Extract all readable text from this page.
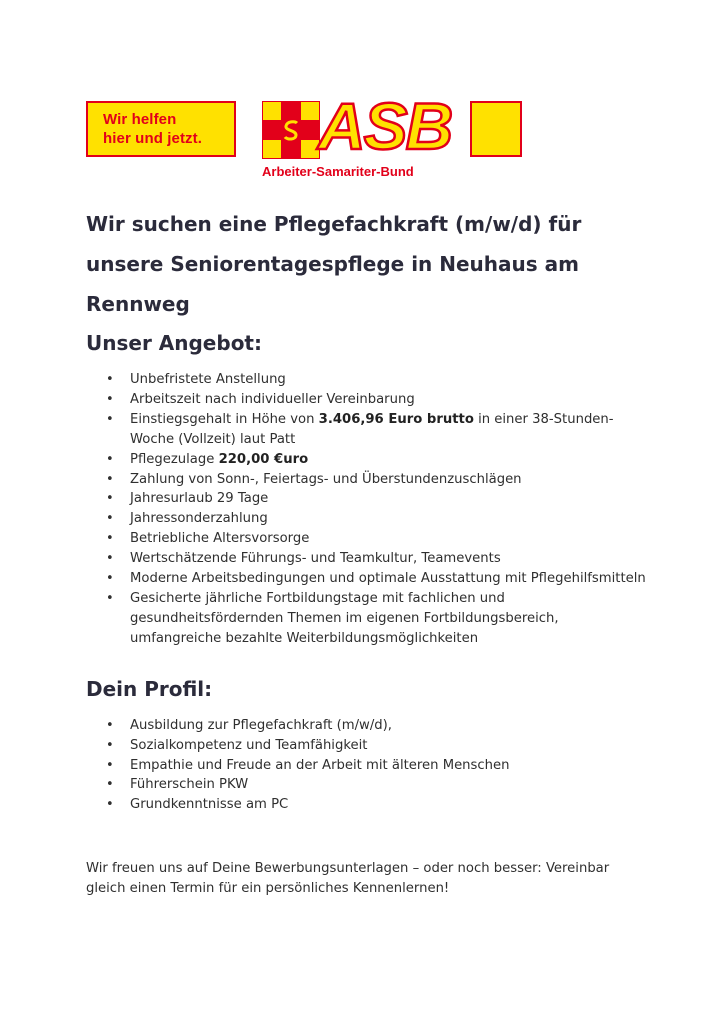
Wir helfen
hier und jetzt.	ASB
Arbeiter-Samariter-Bund
Wir suchen eine Pflegefachkraft (m/w/d) für unsere Seniorentagespflege in Neuhaus am Rennweg
Unser Angebot:
• Unbefristete Anstellung
• Arbeitszeit nach individueller Vereinbarung
• Einstiegsgehalt in Höhe von 3.406,96 Euro brutto in einer 38-Stunden-Woche (Vollzeit) laut Patt
• Pflegezulage 220,00 €uro
• Zahlung von Sonn-, Feiertags- und Überstundenzuschlägen
• Jahresurlaub 29 Tage
• Jahressonderzahlung
• Betriebliche Altersvorsorge
• Wertschätzende Führungs- und Teamkultur, Teamevents
• Moderne Arbeitsbedingungen und optimale Ausstattung mit Pflegehilfsmitteln
• Gesicherte jährliche Fortbildungstage mit fachlichen und gesundheitsfördernden Themen im eigenen Fortbildungsbereich, umfangreiche bezahlte Weiterbildungsmöglichkeiten
Dein Profil:
• Ausbildung zur Pflegefachkraft (m/w/d),
• Sozialkompetenz und Teamfähigkeit
• Empathie und Freude an der Arbeit mit älteren Menschen
• Führerschein PKW
• Grundkenntnisse am PC

Wir freuen uns auf Deine Bewerbungsunterlagen – oder noch besser: Vereinbar gleich einen Termin für ein persönliches Kennenlernen!
